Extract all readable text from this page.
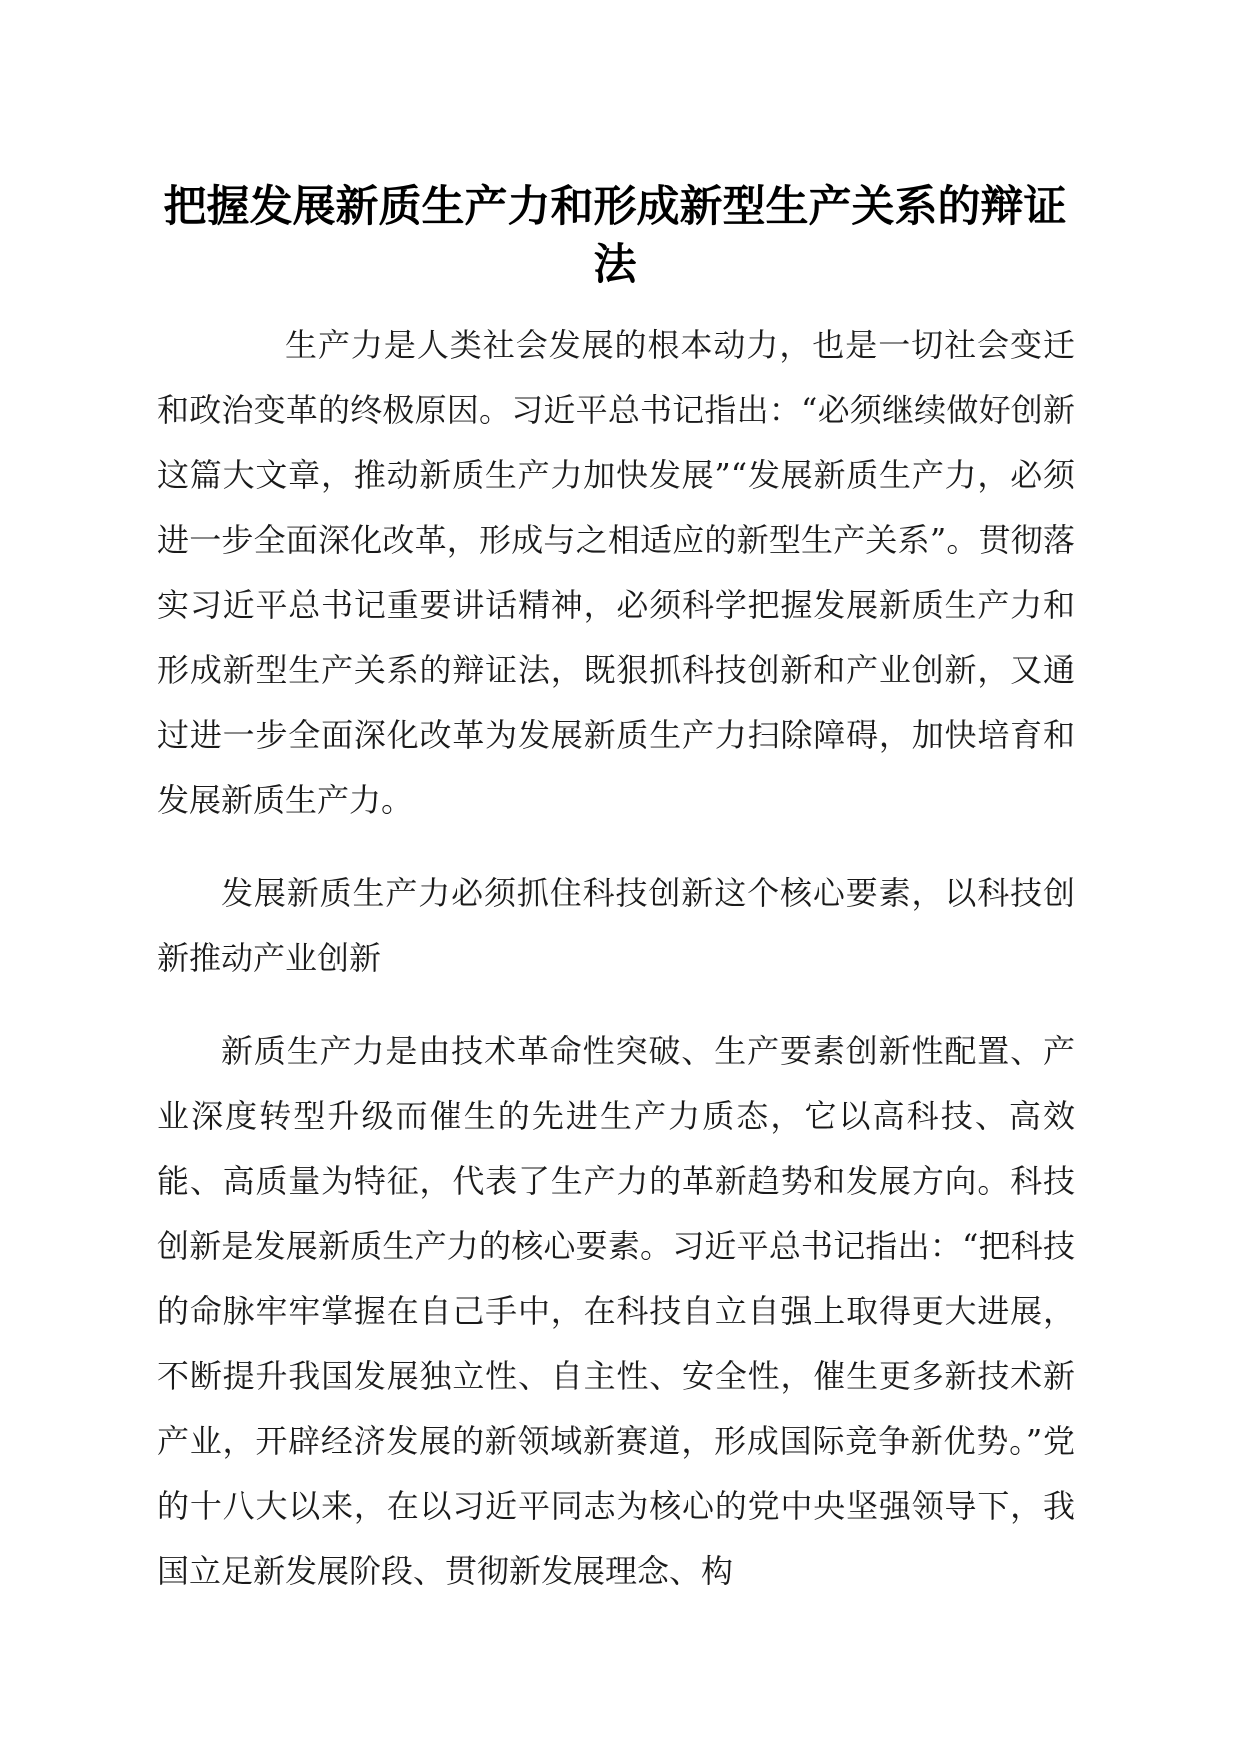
把握发展新质生产力和形成新型生产关系的辩证法

生产力是人类社会发展的根本动力，也是一切社会变迁和政治变革的终极原因。习近平总书记指出：“必须继续做好创新这篇大文章，推动新质生产力加快发展”“发展新质生产力，必须进一步全面深化改革，形成与之相适应的新型生产关系”。贯彻落实习近平总书记重要讲话精神，必须科学把握发展新质生产力和形成新型生产关系的辩证法，既狠抓科技创新和产业创新，又通过进一步全面深化改革为发展新质生产力扫除障碍，加快培育和发展新质生产力。

发展新质生产力必须抓住科技创新这个核心要素，以科技创新推动产业创新

新质生产力是由技术革命性突破、生产要素创新性配置、产业深度转型升级而催生的先进生产力质态，它以高科技、高效能、高质量为特征，代表了生产力的革新趋势和发展方向。科技创新是发展新质生产力的核心要素。习近平总书记指出：“把科技的命脉牢牢掌握在自己手中，在科技自立自强上取得更大进展，不断提升我国发展独立性、自主性、安全性，催生更多新技术新产业，开辟经济发展的新领域新赛道，形成国际竞争新优势。”党的十八大以来，在以习近平同志为核心的党中央坚强领导下，我国立足新发展阶段、贯彻新发展理念、构
